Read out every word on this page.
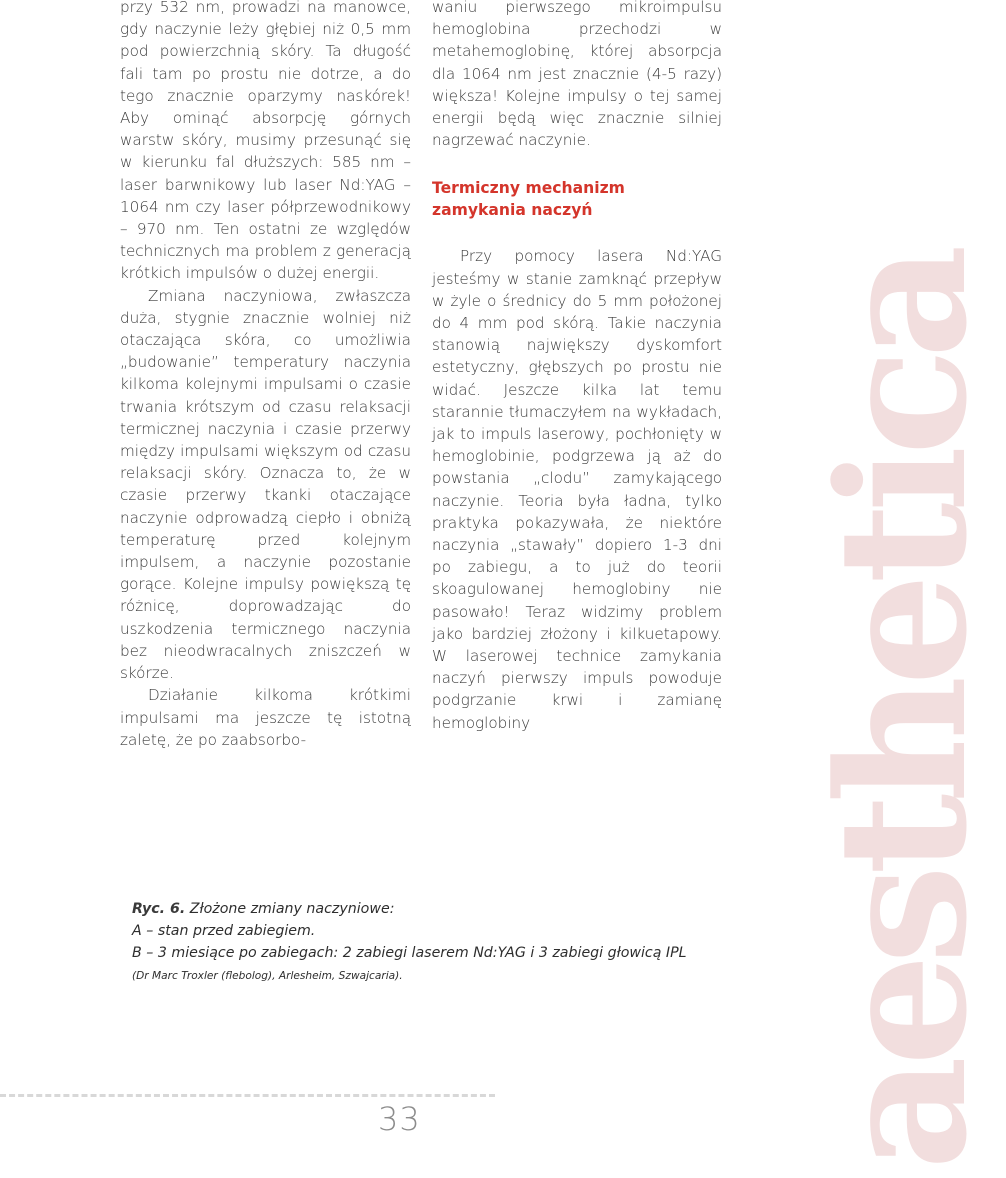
aesthetica

przy 532 nm, prowadzi na manowce, gdy naczynie leży głębiej niż 0,5 mm pod powierzchnią skóry. Ta długość fali tam po prostu nie dotrze, a do tego znacznie oparzymy naskórek! Aby ominąć absorpcję górnych warstw skóry, musimy przesunąć się w kierunku fal dłuższych: 585 nm – laser barwnikowy lub laser Nd:YAG – 1064 nm czy laser półprzewodnikowy – 970 nm. Ten ostatni ze względów technicznych ma problem z generacją krótkich impulsów o dużej energii.

Zmiana naczyniowa, zwłaszcza duża, stygnie znacznie wolniej niż otaczająca skóra, co umożliwia „budowanie” temperatury naczynia kilkoma kolejnymi impulsami o czasie trwania krótszym od czasu relaksacji termicznej naczynia i czasie przerwy między impulsami większym od czasu relaksacji skóry. Oznacza to, że w czasie przerwy tkanki otaczające naczynie odprowadzą ciepło i obniżą temperaturę przed kolejnym impulsem, a naczynie pozostanie gorące. Kolejne impulsy powiększą tę różnicę, doprowadzając do uszkodzenia termicznego naczynia bez nieodwracalnych zniszczeń w skórze.

Działanie kilkoma krótkimi impulsami ma jeszcze tę istotną zaletę, że po zaabsorbo-

waniu pierwszego mikroimpulsu hemoglobina przechodzi w metahemoglobinę, której absorpcja dla 1064 nm jest znacznie (4-5 razy) większa! Kolejne impulsy o tej samej energii będą więc znacznie silniej nagrzewać naczynie.

Termiczny mechanizm zamykania naczyń

Przy pomocy lasera Nd:YAG jesteśmy w stanie zamknąć przepływ w żyle o średnicy do 5 mm położonej do 4 mm pod skórą. Takie naczynia stanowią największy dyskomfort estetyczny, głębszych po prostu nie widać. Jeszcze kilka lat temu starannie tłumaczyłem na wykładach, jak to impuls laserowy, pochłonięty w hemoglobinie, podgrzewa ją aż do powstania „clodu” zamykającego naczynie. Teoria była ładna, tylko praktyka pokazywała, że niektóre naczynia „stawały” dopiero 1-3 dni po zabiegu, a to już do teorii skoagulowanej hemoglobiny nie pasowało! Teraz widzimy problem jako bardziej złożony i kilkuetapowy. W laserowej technice zamykania naczyń pierwszy impuls powoduje podgrzanie krwi i zamianę hemoglobiny

Ryc. 6. Złożone zmiany naczyniowe:
A – stan przed zabiegiem.
B – 3 miesiące po zabiegach: 2 zabiegi laserem Nd:YAG i 3 zabiegi głowicą IPL
(Dr Marc Troxler (flebolog), Arlesheim, Szwajcaria).
33
